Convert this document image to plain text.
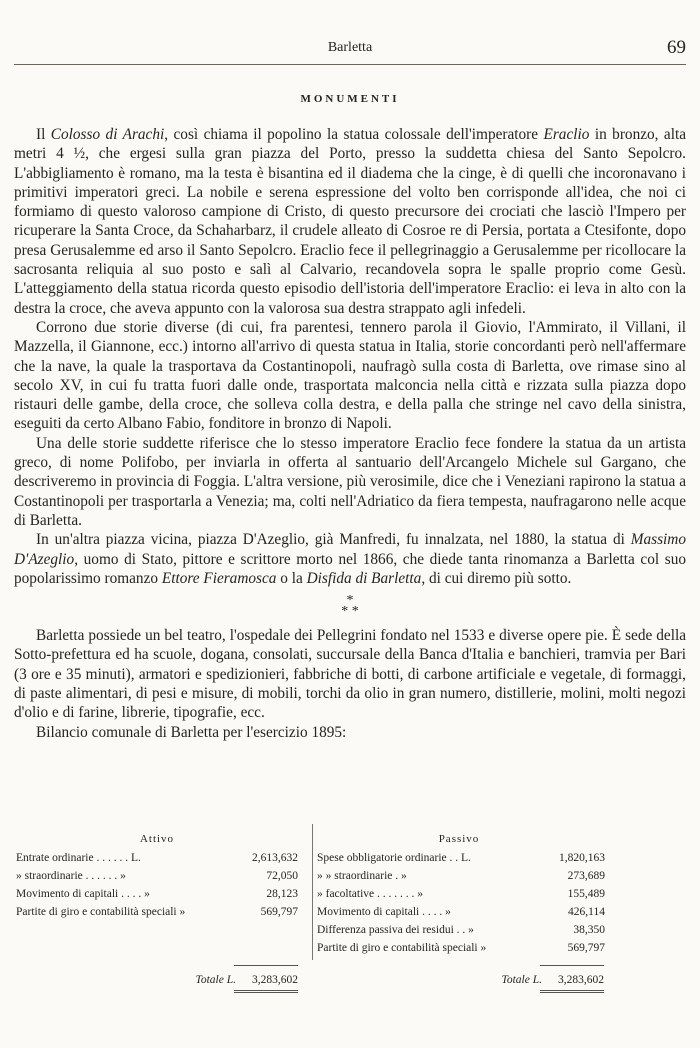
Barletta	69
MONUMENTI

Il Colosso di Arachi, così chiama il popolino la statua colossale dell'imperatore Eraclio in bronzo, alta metri 4 ½, che ergesi sulla gran piazza del Porto, presso la suddetta chiesa del Santo Sepolcro. L'abbigliamento è romano, ma la testa è bisantina ed il diadema che la cinge, è di quelli che incoronavano i primitivi imperatori greci. La nobile e serena espressione del volto ben corrisponde all'idea, che noi ci formiamo di questo valoroso campione di Cristo, di questo precursore dei crociati che lasciò l'Impero per ricuperare la Santa Croce, da Schaharbarz, il crudele alleato di Cosroe re di Persia, portata a Ctesifonte, dopo presa Gerusalemme ed arso il Santo Sepolcro. Eraclio fece il pellegrinaggio a Gerusalemme per ricollocare la sacrosanta reliquia al suo posto e salì al Calvario, recandovela sopra le spalle proprio come Gesù. L'atteggiamento della statua ricorda questo episodio dell'istoria dell'imperatore Eraclio: ei leva in alto con la destra la croce, che aveva appunto con la valorosa sua destra strappato agli infedeli.

Corrono due storie diverse (di cui, fra parentesi, tennero parola il Giovio, l'Ammirato, il Villani, il Mazzella, il Giannone, ecc.) intorno all'arrivo di questa statua in Italia, storie concordanti però nell'affermare che la nave, la quale la trasportava da Costantinopoli, naufragò sulla costa di Barletta, ove rimase sino al secolo XV, in cui fu tratta fuori dalle onde, trasportata malconcia nella città e rizzata sulla piazza dopo ristauri delle gambe, della croce, che solleva colla destra, e della palla che stringe nel cavo della sinistra, eseguiti da certo Albano Fabio, fonditore in bronzo di Napoli.

Una delle storie suddette riferisce che lo stesso imperatore Eraclio fece fondere la statua da un artista greco, di nome Polifobo, per inviarla in offerta al santuario dell'Arcangelo Michele sul Gargano, che descriveremo in provincia di Foggia. L'altra versione, più verosimile, dice che i Veneziani rapirono la statua a Costantinopoli per trasportarla a Venezia; ma, colti nell'Adriatico da fiera tempesta, naufragarono nelle acque di Barletta.

In un'altra piazza vicina, piazza D'Azeglio, già Manfredi, fu innalzata, nel 1880, la statua di Massimo D'Azeglio, uomo di Stato, pittore e scrittore morto nel 1866, che diede tanta rinomanza a Barletta col suo popolarissimo romanzo Ettore Fieramosca o la Disfida di Barletta, di cui diremo più sotto.

*
* *

Barletta possiede un bel teatro, l'ospedale dei Pellegrini fondato nel 1533 e diverse opere pie. È sede della Sotto-prefettura ed ha scuole, dogana, consolati, succursale della Banca d'Italia e banchieri, tramvia per Bari (3 ore e 35 minuti), armatori e spedizionieri, fabbriche di botti, di carbone artificiale e vegetale, di formaggi, di paste alimentari, di pesi e misure, di mobili, torchi da olio in gran numero, distillerie, molini, molti negozi d'olio e di farine, librerie, tipografie, ecc.

Bilancio comunale di Barletta per l'esercizio 1895:

Attivo
Entrate ordinarie . . . . . . L.	2,613,632
» straordinarie . . . . . . »	72,050
Movimento di capitali . . . . »	28,123
Partite di giro e contabilità speciali »	569,797
Passivo
Spese obbligatorie ordinarie . . L.	1,820,163
» » straordinarie . »	273,689
» facoltative . . . . . . . »	155,489
Movimento di capitali . . . . »	426,114
Differenza passiva dei residui . . »	38,350
Partite di giro e contabilità speciali »	569,797
Totale L. 3,283,602	Totale L. 3,283,602
